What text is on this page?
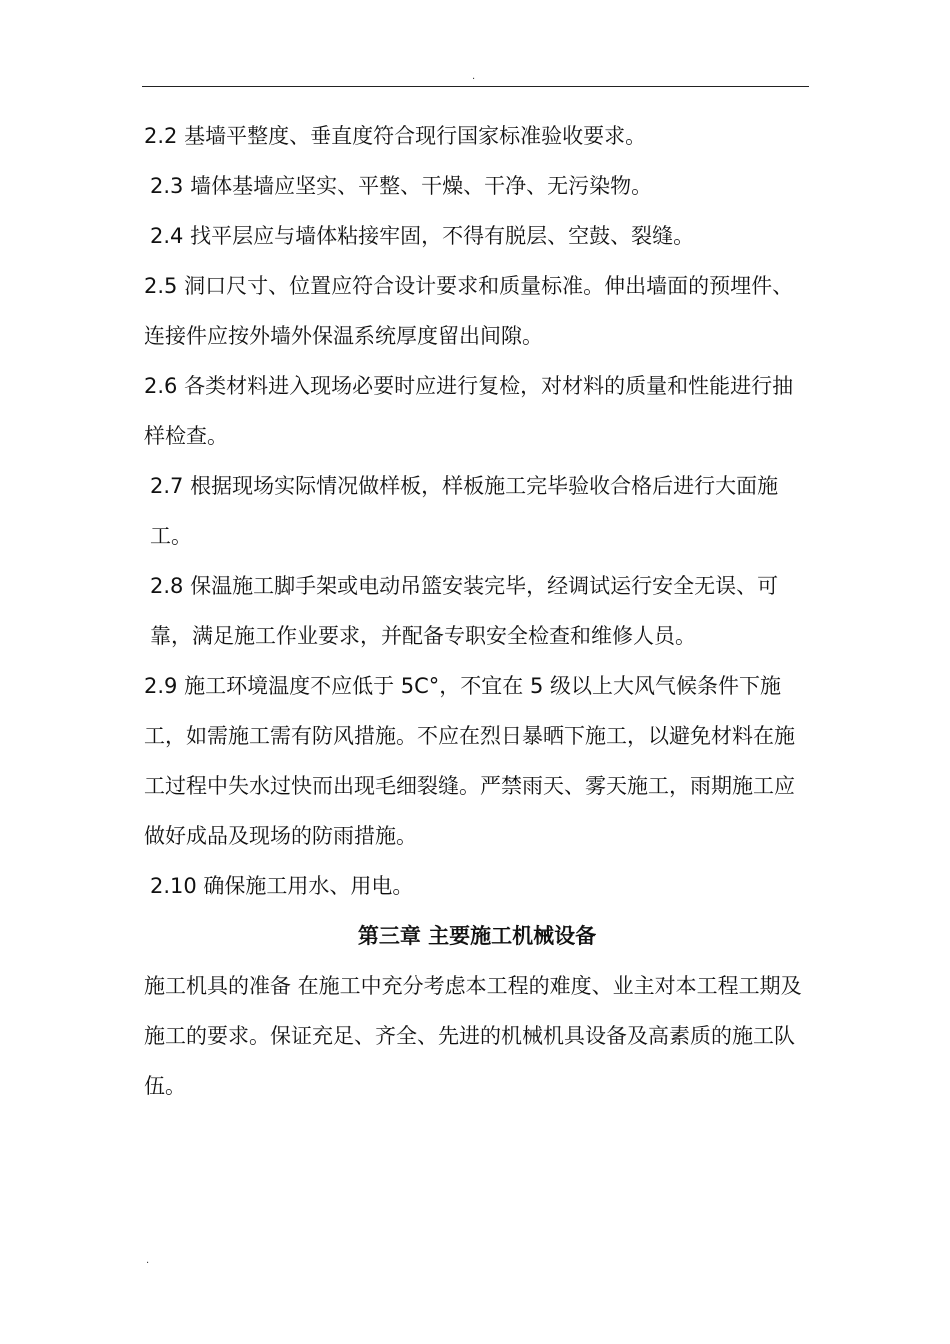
.

2.2 基墙平整度、垂直度符合现行国家标准验收要求。

2.3 墙体基墙应坚实、平整、干燥、干净、无污染物。

2.4 找平层应与墙体粘接牢固，不得有脱层、空鼓、裂缝。

2.5 洞口尺寸、位置应符合设计要求和质量标准。伸出墙面的预埋件、连接件应按外墙外保温系统厚度留出间隙。

2.6 各类材料进入现场必要时应进行复检，对材料的质量和性能进行抽样检查。

2.7 根据现场实际情况做样板，样板施工完毕验收合格后进行大面施工。

2.8 保温施工脚手架或电动吊篮安装完毕，经调试运行安全无误、可靠，满足施工作业要求，并配备专职安全检查和维修人员。

2.9 施工环境温度不应低于 5C°，不宜在 5 级以上大风气候条件下施工，如需施工需有防风措施。不应在烈日暴晒下施工，以避免材料在施工过程中失水过快而出现毛细裂缝。严禁雨天、雾天施工，雨期施工应做好成品及现场的防雨措施。

2.10 确保施工用水、用电。

第三章 主要施工机械设备

施工机具的准备 在施工中充分考虑本工程的难度、业主对本工程工期及施工的要求。保证充足、齐全、先进的机械机具设备及高素质的施工队伍。

.
